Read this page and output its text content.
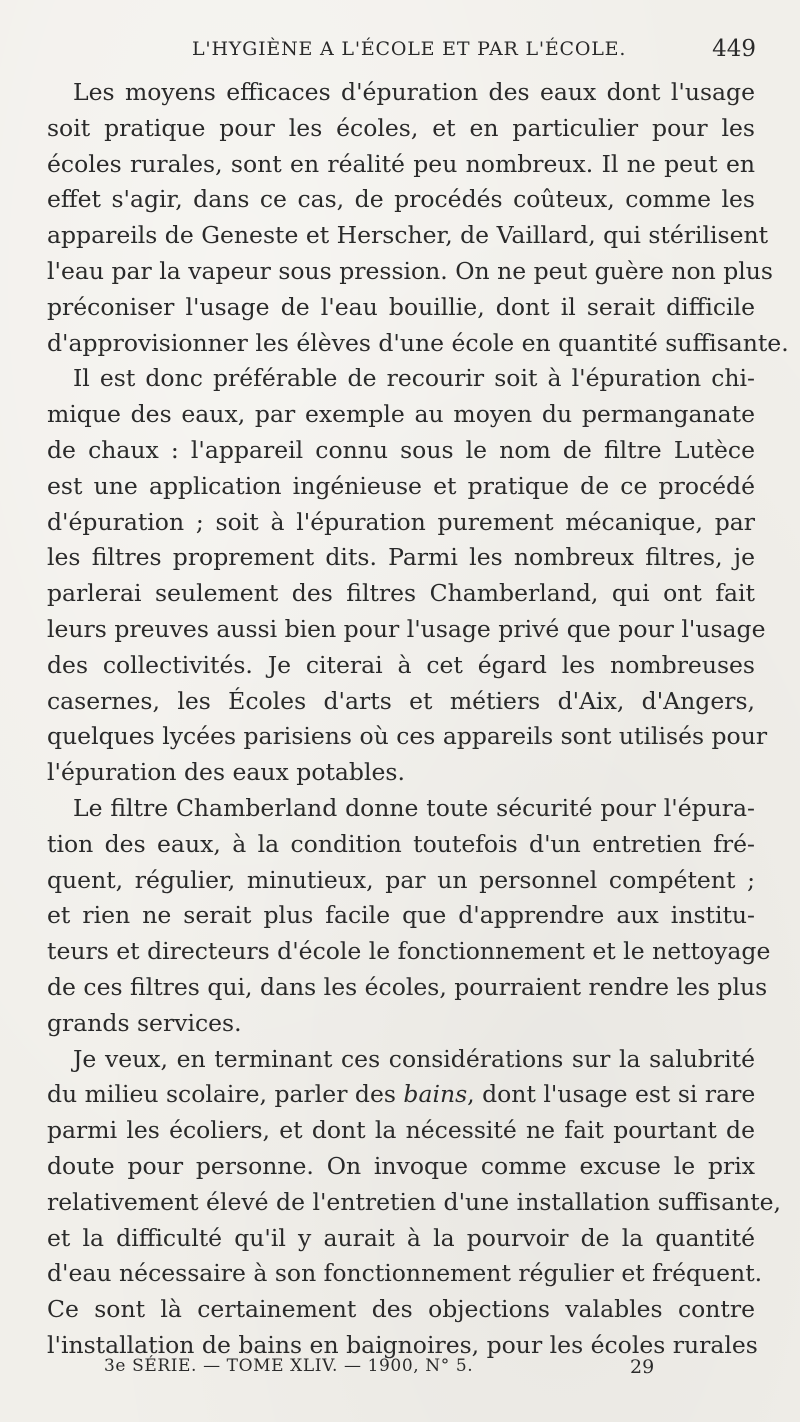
L'HYGIÈNE A L'ÉCOLE ET PAR L'ÉCOLE.	449
Les moyens efficaces d'épuration des eaux dont l'usage
soit pratique pour les écoles, et en particulier pour les
écoles rurales, sont en réalité peu nombreux. Il ne peut en
effet s'agir, dans ce cas, de procédés coûteux, comme les
appareils de Geneste et Herscher, de Vaillard, qui stérilisent
l'eau par la vapeur sous pression. On ne peut guère non plus
préconiser l'usage de l'eau bouillie, dont il serait difficile
d'approvisionner les élèves d'une école en quantité suffisante.
Il est donc préférable de recourir soit à l'épuration chi-
mique des eaux, par exemple au moyen du permanganate
de chaux : l'appareil connu sous le nom de filtre Lutèce
est une application ingénieuse et pratique de ce procédé
d'épuration ; soit à l'épuration purement mécanique, par
les filtres proprement dits. Parmi les nombreux filtres, je
parlerai seulement des filtres Chamberland, qui ont fait
leurs preuves aussi bien pour l'usage privé que pour l'usage
des collectivités. Je citerai à cet égard les nombreuses
casernes, les Écoles d'arts et métiers d'Aix, d'Angers,
quelques lycées parisiens où ces appareils sont utilisés pour
l'épuration des eaux potables.
Le filtre Chamberland donne toute sécurité pour l'épura-
tion des eaux, à la condition toutefois d'un entretien fré-
quent, régulier, minutieux, par un personnel compétent ;
et rien ne serait plus facile que d'apprendre aux institu-
teurs et directeurs d'école le fonctionnement et le nettoyage
de ces filtres qui, dans les écoles, pourraient rendre les plus
grands services.
Je veux, en terminant ces considérations sur la salubrité
du milieu scolaire, parler des bains, dont l'usage est si rare
parmi les écoliers, et dont la nécessité ne fait pourtant de
doute pour personne. On invoque comme excuse le prix
relativement élevé de l'entretien d'une installation suffisante,
et la difficulté qu'il y aurait à la pourvoir de la quantité
d'eau nécessaire à son fonctionnement régulier et fréquent.
Ce sont là certainement des objections valables contre
l'installation de bains en baignoires, pour les écoles rurales
3e SÉRIE. — TOME XLIV. — 1900, N° 5.	29
